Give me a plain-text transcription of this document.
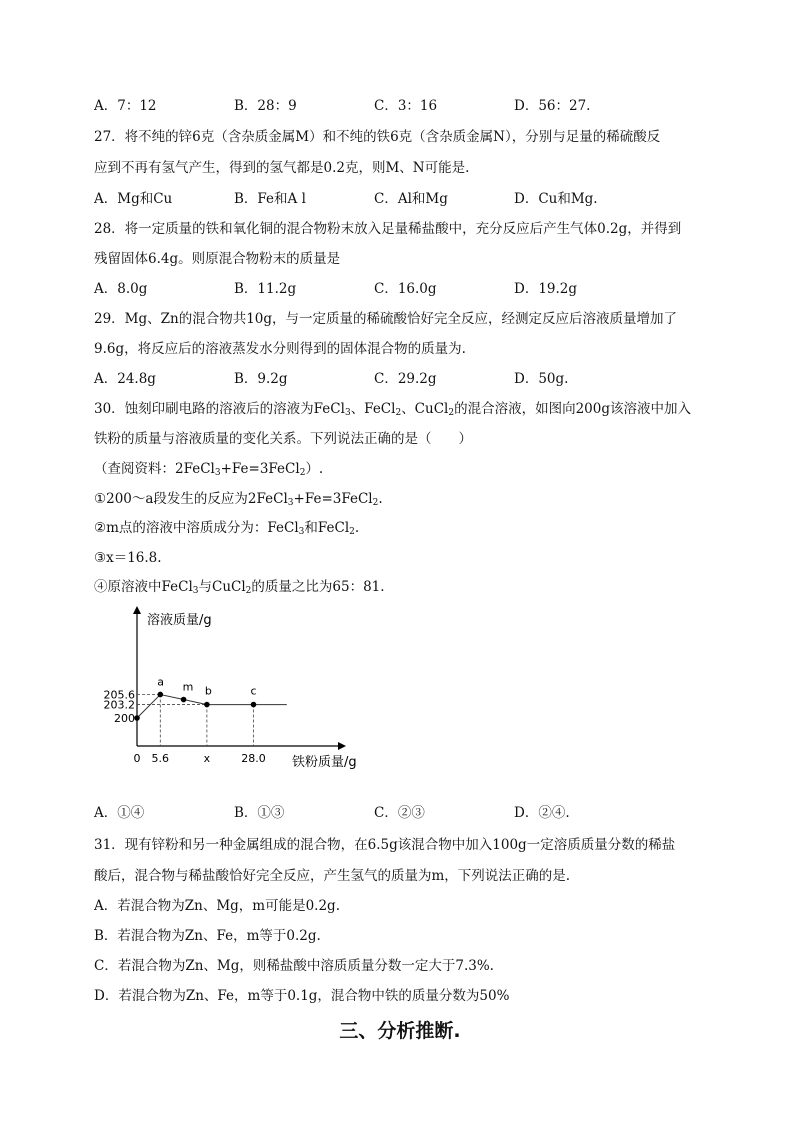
A．7：12	B．28：9	C．3：16	D．56：27.
27．将不纯的锌6克（含杂质金属M）和不纯的铁6克（含杂质金属N），分别与足量的稀硫酸反
应到不再有氢气产生，得到的氢气都是0.2克，则M、N可能是.
A．Mg和Cu	B．Fe和A l	C．Al和Mg	D．Cu和Mg.
28．将一定质量的铁和氧化铜的混合物粉末放入足量稀盐酸中，充分反应后产生气体0.2g，并得到
残留固体6.4g。则原混合物粉末的质量是
A．8.0g	B．11.2g	C．16.0g	D．19.2g
29．Mg、Zn的混合物共10g，与一定质量的稀硫酸恰好完全反应，经测定反应后溶液质量增加了
9.6g，将反应后的溶液蒸发水分则得到的固体混合物的质量为.
A．24.8g	B．9.2g	C．29.2g	D．50g.
30．蚀刻印刷电路的溶液后的溶液为FeCl$_3$、FeCl$_2$、CuCl$_2$的混合溶液，如图向200g该溶液中加入
铁粉的质量与溶液质量的变化关系。下列说法正确的是（　　）
（查阅资料：2FeCl$_3$+Fe=3FeCl$_2$）.
①200～a段发生的反应为2FeCl$_3$+Fe=3FeCl$_2$.
②m点的溶液中溶质成分为：FeCl$_3$和FeCl$_2$.
③x＝16.8.
④原溶液中FeCl$_3$与CuCl$_2$的质量之比为65：81.
溶液质量/g
铁粉质量/g
a m b	c
205.6
203.2
200
0 5.6	x	28.0
A．①④	B．①③	C．②③	D．②④.
31．现有锌粉和另一种金属组成的混合物，在6.5g该混合物中加入100g一定溶质质量分数的稀盐
酸后，混合物与稀盐酸恰好完全反应，产生氢气的质量为m，下列说法正确的是.
A．若混合物为Zn、Mg，m可能是0.2g.
B．若混合物为Zn、Fe，m等于0.2g.
C．若混合物为Zn、Mg，则稀盐酸中溶质质量分数一定大于7.3%.
D．若混合物为Zn、Fe，m等于0.1g，混合物中铁的质量分数为50%
三、分析推断.
